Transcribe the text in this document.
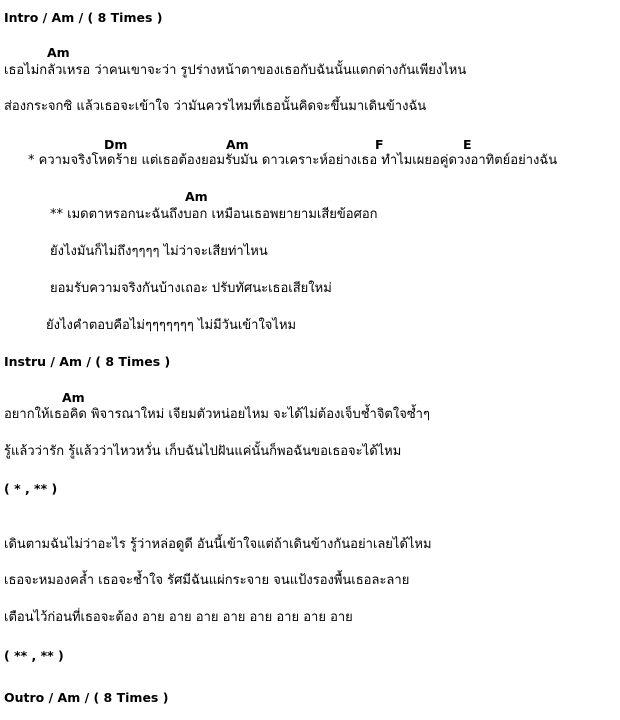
Intro / Am / ( 8 Times )
Am
เธอไม่กลัวเหรอ ว่าคนเขาจะว่า รูปร่างหน้าตาของเธอกับฉันนั้นแตกต่างกันเพียงไหน
ส่องกระจกซิ แล้วเธอจะเข้าใจ ว่ามันควรไหมที่เธอนั้นคิดจะขึ้นมาเดินข้างฉัน
Dm	Am	F	E
* ความจริงโหดร้าย แต่เธอต้องยอมรับมัน ดาวเคราะห์อย่างเธอ ทำไมเผยอคู่ดวงอาทิตย์อย่างฉัน
Am
** เมดตาหรอกนะฉันถึงบอก เหมือนเธอพยายามเสียข้อศอก
ยังไงมันก็ไม่ถึงๆๆๆๆ ไม่ว่าจะเสียท่าไหน
ยอมรับความจริงกันบ้างเถอะ ปรับทัศนะเธอเสียใหม่
ยังไงคำตอบคือไม่ๆๆๆๆๆๆๆ ไม่มีวันเข้าใจไหม
Instru / Am / ( 8 Times )
Am
อยากให้เธอคิด พิจารณาใหม่ เจียมตัวหน่อยไหม จะได้ไม่ต้องเจ็บช้ำจิตใจซ้ำๆ
รู้แล้วว่ารัก รู้แล้วว่าไหวหวั่น เก็บฉันไปฝันแค่นั้นก็พอฉันขอเธอจะได้ไหม
( * , ** )
เดินตามฉันไม่ว่าอะไร รู้ว่าหล่อดูดี อันนี้เข้าใจแต่ถ้าเดินข้างกันอย่าเลยได้ไหม
เธอจะหมองคล้ำ เธอจะช้ำใจ รัศมีฉันแผ่กระจาย จนแป้งรองพื้นเธอละลาย
เตือนไว้ก่อนที่เธอจะต้อง อาย อาย อาย อาย อาย อาย อาย อาย
( ** , ** )
Outro / Am / ( 8 Times )
